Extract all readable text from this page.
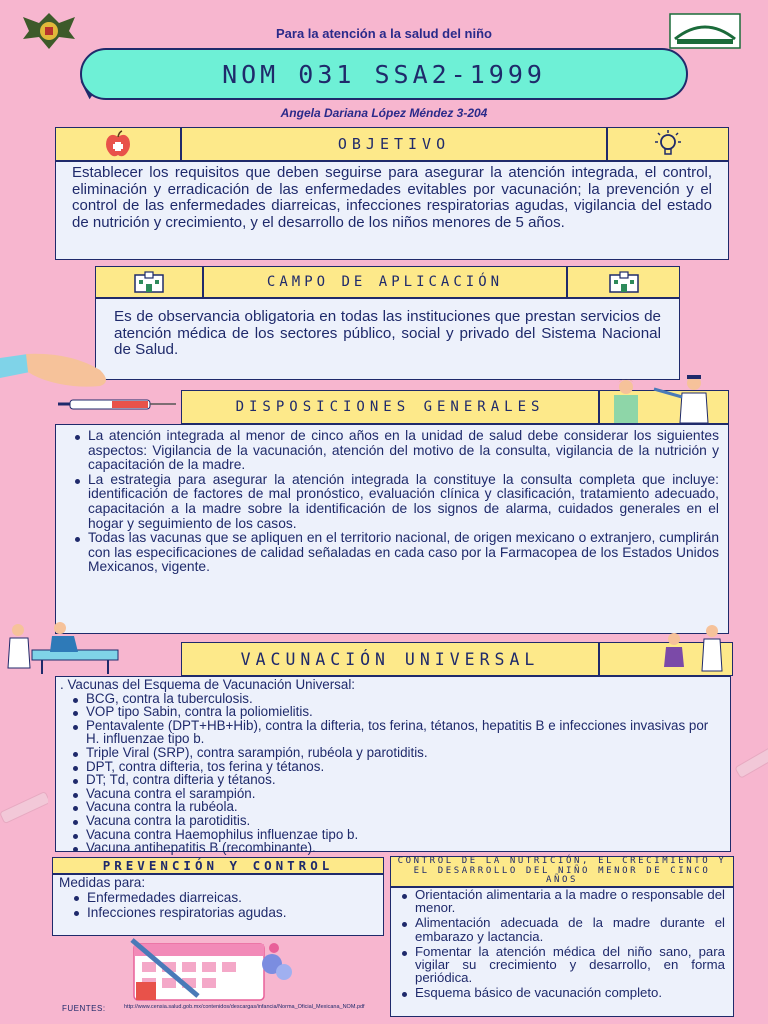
Para la atención a la salud del niño
NOM 031 SSA2-1999
Angela Dariana López Méndez 3-204
OBJETIVO

Establecer los requisitos que deben seguirse para asegurar la atención integrada, el control, eliminación y erradicación de las enfermedades evitables por vacunación; la prevención y el control de las enfermedades diarreicas, infecciones respiratorias agudas, vigilancia del estado de nutrición y crecimiento, y el desarrollo de los niños menores de 5 años.

CAMPO DE APLICACIÓN

Es de observancia obligatoria en todas las instituciones que prestan servicios de atención médica de los sectores público, social y privado del Sistema Nacional de Salud.

DISPOSICIONES GENERALES
La atención integrada al menor de cinco años en la unidad de salud debe considerar los siguientes aspectos: Vigilancia de la vacunación, atención del motivo de la consulta, vigilancia de la nutrición y capacitación de la madre.
La estrategia para asegurar la atención integrada la constituye la consulta completa que incluye: identificación de factores de mal pronóstico, evaluación clínica y clasificación, tratamiento adecuado, capacitación a la madre sobre la identificación de los signos de alarma, cuidados generales en el hogar y seguimiento de los casos.
Todas las vacunas que se apliquen en el territorio nacional, de origen mexicano o extranjero, cumplirán con las especificaciones de calidad señaladas en cada caso por la Farmacopea de los Estados Unidos Mexicanos, vigente.
VACUNACIÓN UNIVERSAL
. Vacunas del Esquema de Vacunación Universal:
BCG, contra la tuberculosis.
VOP tipo Sabin, contra la poliomielitis.
Pentavalente (DPT+HB+Hib), contra la difteria, tos ferina, tétanos, hepatitis B e infecciones invasivas por H. influenzae tipo b.
Triple Viral (SRP), contra sarampión, rubéola y parotiditis.
DPT, contra difteria, tos ferina y tétanos.
DT; Td, contra difteria y tétanos.
Vacuna contra el sarampión.
Vacuna contra la rubéola.
Vacuna contra la parotiditis.
Vacuna contra Haemophilus influenzae tipo b.
Vacuna antihepatitis B (recombinante).
PREVENCIÓN Y CONTROL
Medidas para:
Enfermedades diarreicas.
Infecciones respiratorias agudas.
CONTROL DE LA NUTRICIÓN, EL CRECIMIENTO Y EL DESARROLLO DEL NIÑO MENOR DE CINCO AÑOS
Orientación alimentaria a la madre o responsable del menor.
Alimentación adecuada de la madre durante el embarazo y lactancia.
Fomentar la atención médica del niño sano, para vigilar su crecimiento y desarrollo, en forma periódica.
Esquema básico de vacunación completo.
FUENTES:	http://www.censia.salud.gob.mx/contenidos/descargas/infancia/Norma_Oficial_Mexicana_NOM.pdf
